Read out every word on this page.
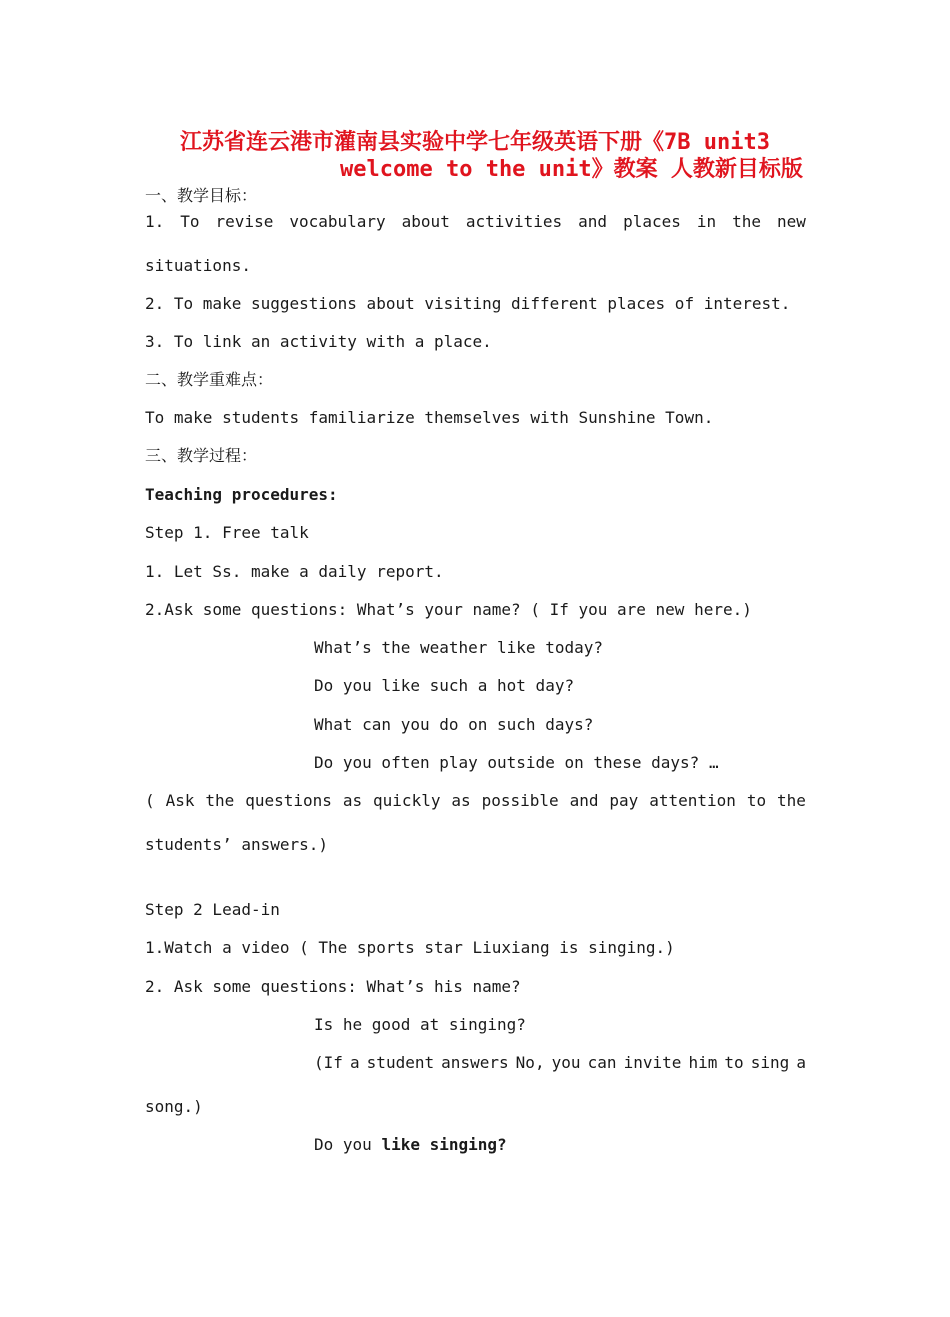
江苏省连云港市灌南县实验中学七年级英语下册《7B unit3
welcome to the unit》教案 人教新目标版
一、教学目标：
1. To revise vocabulary about activities and places in the new
situations.
2. To make suggestions about visiting different places of interest.
3. To link an activity with a place.
二、教学重难点：
To make students familiarize themselves with Sunshine Town.
三、教学过程：
Teaching procedures:
Step 1. Free talk
1. Let Ss. make a daily report.
2.Ask some questions: What’s your name? ( If you are new here.)
What’s the weather like today?
Do you like such a hot day?
What can you do on such days?
Do you often play outside on these days? …
( Ask the questions as quickly as possible and pay attention to the
students’ answers.)
Step 2 Lead-in
1.Watch a video ( The sports star Liuxiang is singing.)
2. Ask some questions: What’s his name?
Is he good at singing?
(If a student answers No, you can invite him to sing a
song.)
Do you like singing?
